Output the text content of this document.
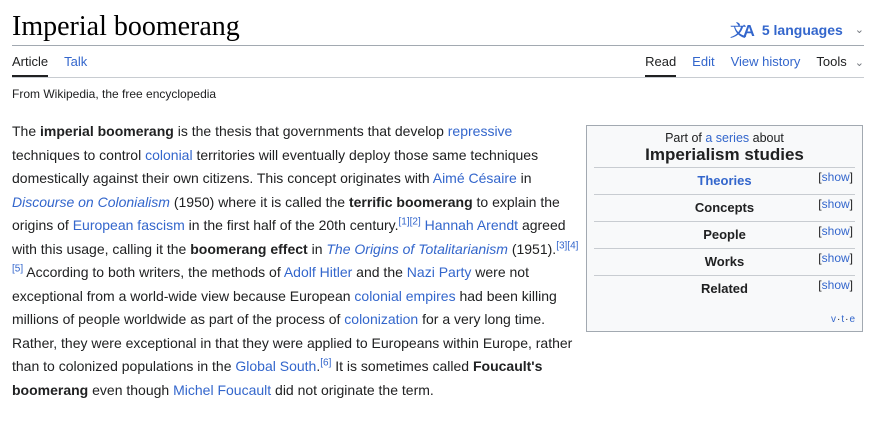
Imperial boomerang	文A 5 languages ⌄
Article Talk	Read Edit View history Tools ⌄
From Wikipedia, the free encyclopedia

The imperial boomerang is the thesis that governments that develop repressive techniques to control colonial territories will eventually deploy those same techniques domestically against their own citizens. This concept originates with Aimé Césaire in Discourse on Colonialism (1950) where it is called the terrific boomerang to explain the origins of European fascism in the first half of the 20th century.[1][2] Hannah Arendt agreed with this usage, calling it the boomerang effect in The Origins of Totalitarianism (1951).[3][4][5] According to both writers, the methods of Adolf Hitler and the Nazi Party were not exceptional from a world-wide view because European colonial empires had been killing millions of people worldwide as part of the process of colonization for a very long time. Rather, they were exceptional in that they were applied to Europeans within Europe, rather than to colonized populations in the Global South.[6] It is sometimes called Foucault's boomerang even though Michel Foucault did not originate the term.

Part of a series about
Imperialism studies
Theories	[show]
Concepts	[show]
People	[show]
Works	[show]
Related	[show]
v·t·e
